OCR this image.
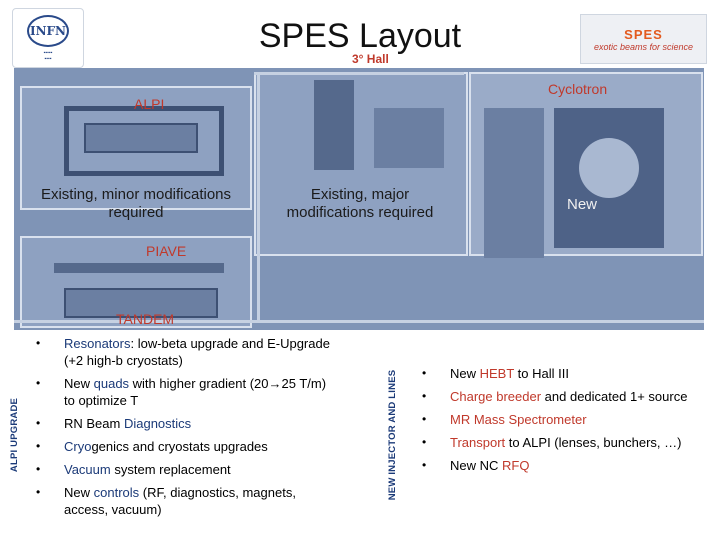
INFN
▪▪▪▪▪
▪▪▪▪
SPES Layout
3° Hall
SPES
exotic beams for science
ALPI
Cyclotron
Existing, minor modifications required
Existing, major modifications required	New
PIAVE
TANDEM
ALPI UPGRADE
• Resonators: low-beta upgrade and E-Upgrade (+2 high-b cryostats)
• New quads with higher gradient (20→25 T/m) to optimize T
• RN Beam Diagnostics
• Cryogenics and cryostats upgrades
• Vacuum system replacement
• New controls (RF, diagnostics, magnets, access, vacuum)
NEW INJECTOR AND LINES	• New HEBT to Hall III
• Charge breeder and dedicated 1+ source
• MR Mass Spectrometer
• Transport to ALPI (lenses, bunchers, …)
• New NC RFQ
